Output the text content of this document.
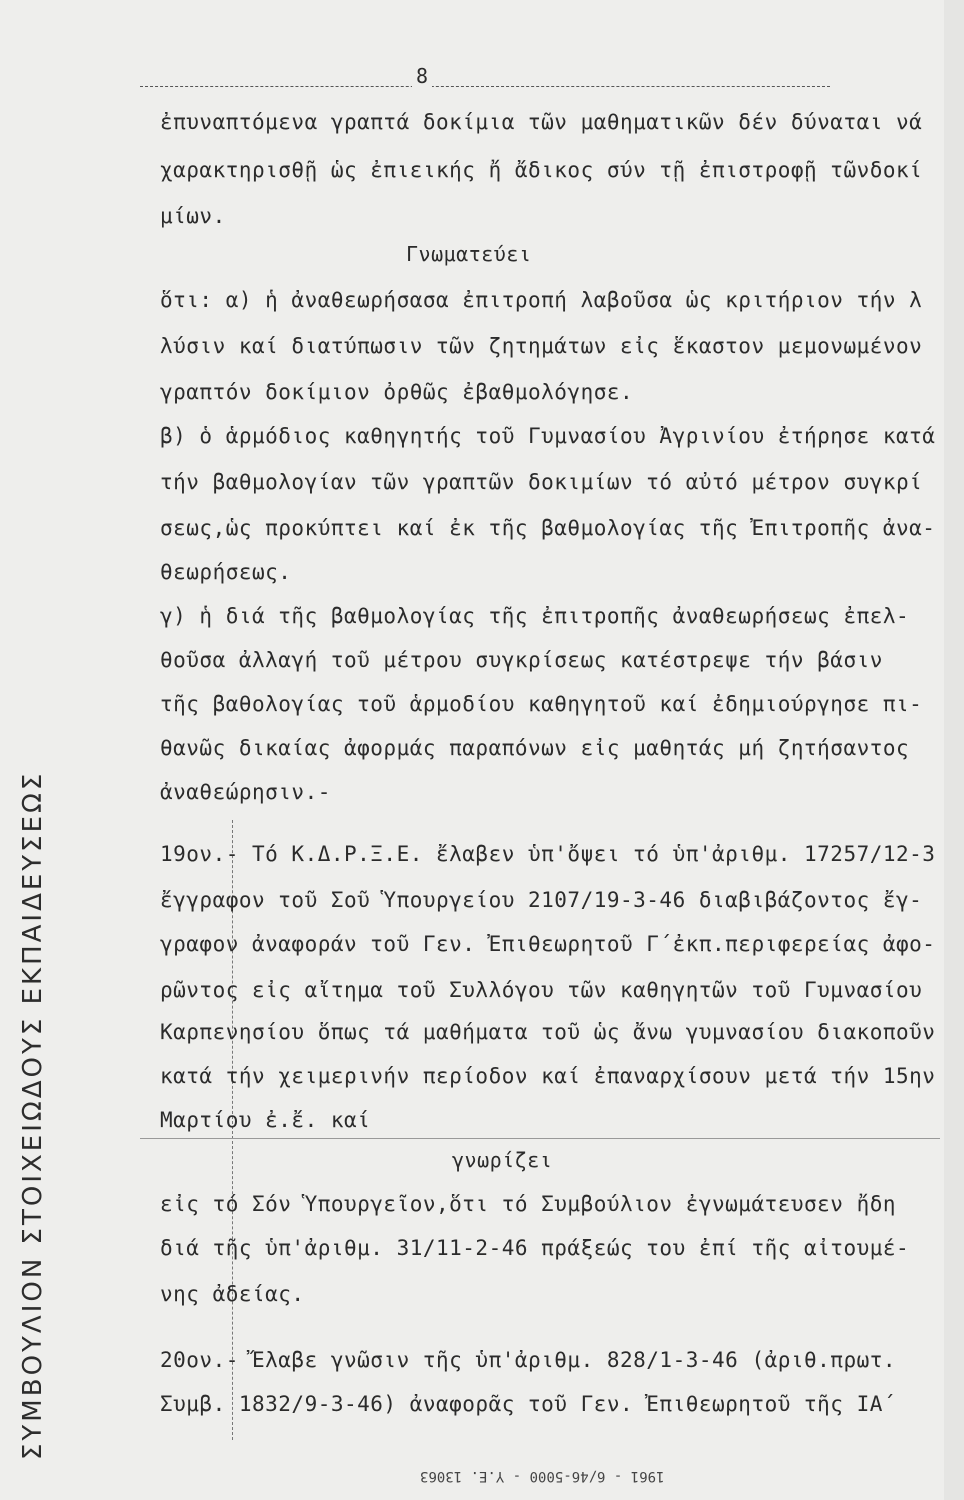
ΣΥΜΒΟΥΛΙΟΝ ΣΤΟΙΧΕΙΩΔΟΥΣ ΕΚΠΑΙΔΕΥΣΕΩΣ
8
ἐπυναπτόμενα γραπτά δοκίμια τῶν μαθηματικῶν δέν δύναται νά
χαρακτηρισθῇ ὡς ἐπιεικής ἤ ἄδικος σύν τῇ ἐπιστροφῇ τῶνδοκί
μίων.
Γνωματεύει
ὅτι: α) ἡ ἀναθεωρήσασα ἐπιτροπή λαβοῦσα ὡς κριτήριον τήν λ
λύσιν καί διατύπωσιν τῶν ζητημάτων εἰς ἕκαστον μεμονωμένον
γραπτόν δοκίμιον ὀρθῶς ἐβαθμολόγησε.
β) ὁ ἁρμόδιος καθηγητής τοῦ Γυμνασίου Ἀγρινίου ἐτήρησε κατά
τήν βαθμολογίαν τῶν γραπτῶν δοκιμίων τό αὐτό μέτρον συγκρί
σεως,ὡς προκύπτει καί ἐκ τῆς βαθμολογίας τῆς Ἐπιτροπῆς ἀνα-
θεωρήσεως.
γ) ἡ διά τῆς βαθμολογίας τῆς ἐπιτροπῆς ἀναθεωρήσεως ἐπελ-
θοῦσα ἀλλαγή τοῦ μέτρου συγκρίσεως κατέστρεψε τήν βάσιν
τῆς βαθολογίας τοῦ ἁρμοδίου καθηγητοῦ καί ἐδημιούργησε πι-
θανῶς δικαίας ἀφορμάς παραπόνων εἰς μαθητάς μή ζητήσαντος
ἀναθεώρησιν.-
19ον.- Τό Κ.Δ.Ρ.Ξ.Ε. ἔλαβεν ὑπ'ὄψει τό ὑπ'ἀριθμ. 17257/12-3
ἔγγραφον τοῦ Σοῦ Ὑπουργείου 2107/19-3-46 διαβιβάζοντος ἔγ-
γραφον ἀναφοράν τοῦ Γεν. Ἐπιθεωρητοῦ Γ΄ἐκπ.περιφερείας ἀφο-
ρῶντος εἰς αἴτημα τοῦ Συλλόγου τῶν καθηγητῶν τοῦ Γυμνασίου
Καρπενησίου ὅπως τά μαθήματα τοῦ ὡς ἄνω γυμνασίου διακοποῦν
κατά τήν χειμερινήν περίοδον καί ἐπαναρχίσουν μετά τήν 15ην
Μαρτίου ἐ.ἔ. καί
γνωρίζει
εἰς τό Σόν Ὑπουργεῖον,ὅτι τό Συμβούλιον ἐγνωμάτευσεν ἤδη
διά τῆς ὑπ'ἀριθμ. 31/11-2-46 πράξεώς του ἐπί τῆς αἰτουμέ-
νης ἀδείας.
20ον.- Ἔλαβε γνῶσιν τῆς ὑπ'ἀριθμ. 828/1-3-46 (ἀριθ.πρωτ.
Συμβ. 1832/9-3-46) ἀναφορᾶς τοῦ Γεν. Ἐπιθεωρητοῦ τῆς ΙΑ΄
1961 - 6/46-5000 - Υ.Ε. 13063
